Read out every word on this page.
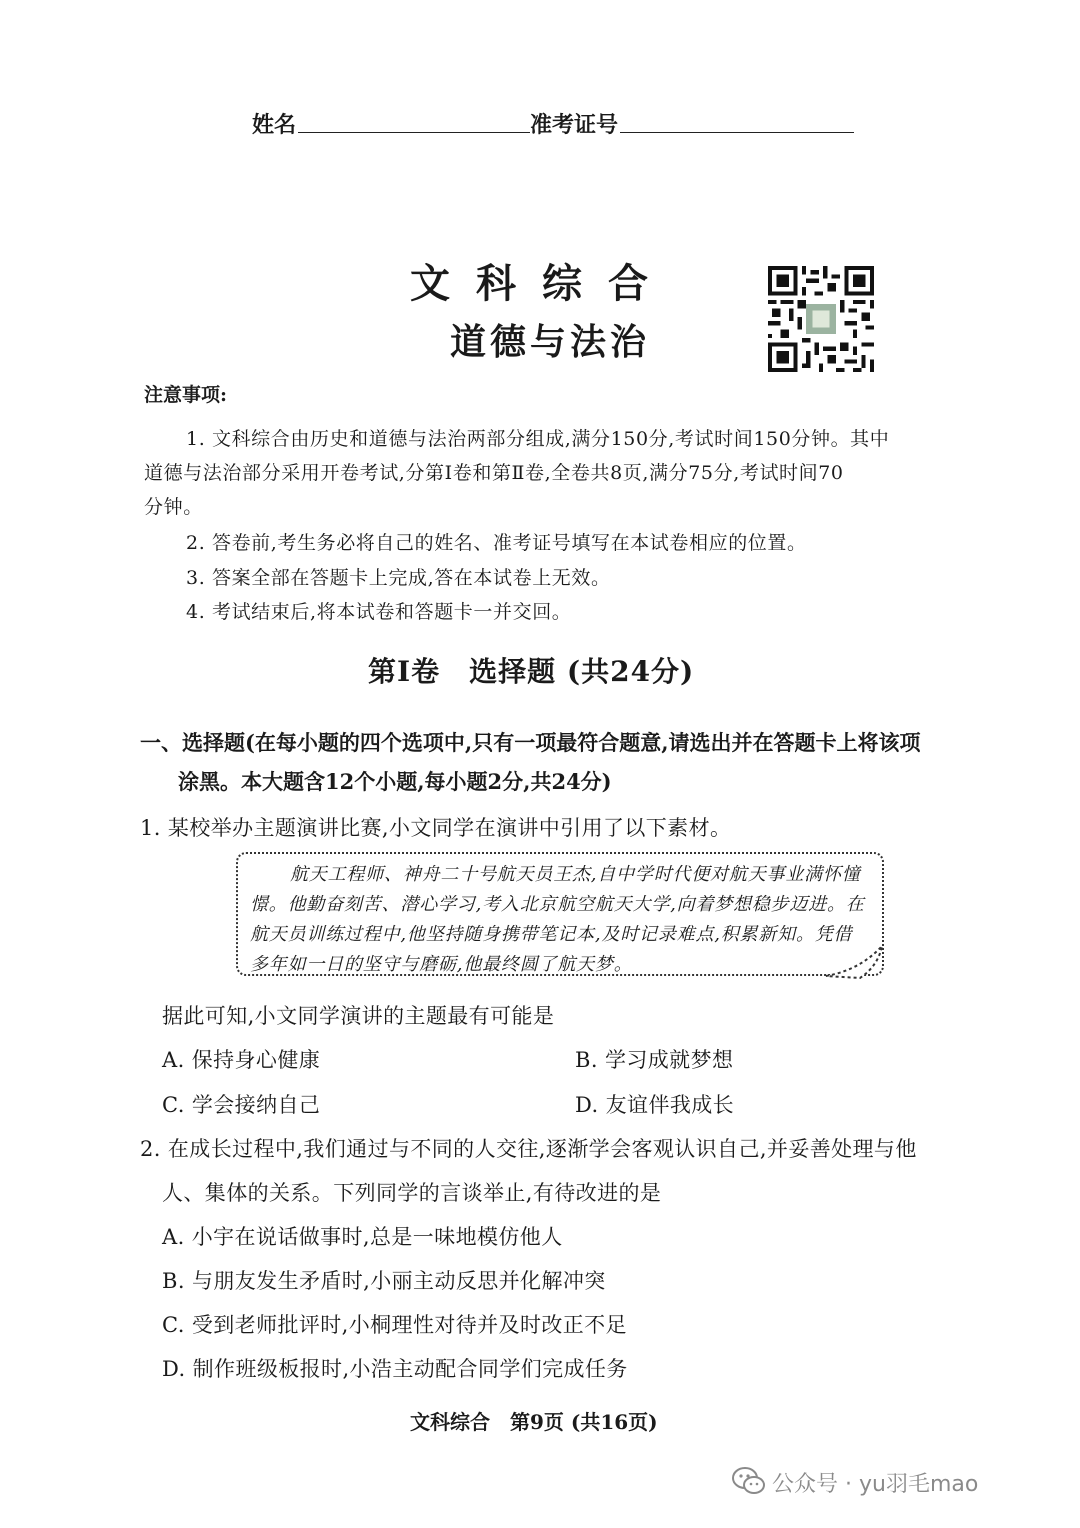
姓名	准考证号
文科综合
道德与法治
注意事项:
1. 文科综合由历史和道德与法治两部分组成,满分150分,考试时间150分钟。其中
道德与法治部分采用开卷考试,分第Ⅰ卷和第Ⅱ卷,全卷共8页,满分75分,考试时间70
分钟。
2. 答卷前,考生务必将自己的姓名、准考证号填写在本试卷相应的位置。
3. 答案全部在答题卡上完成,答在本试卷上无效。
4. 考试结束后,将本试卷和答题卡一并交回。
第Ⅰ卷　选择题 (共24分)
一、选择题(在每小题的四个选项中,只有一项最符合题意,请选出并在答题卡上将该项
涂黑。本大题含12个小题,每小题2分,共24分)
1. 某校举办主题演讲比赛,小文同学在演讲中引用了以下素材。
航天工程师、神舟二十号航天员王杰,自中学时代便对航天事业满怀憧
憬。他勤奋刻苦、潜心学习,考入北京航空航天大学,向着梦想稳步迈进。在
航天员训练过程中,他坚持随身携带笔记本,及时记录难点,积累新知。凭借
多年如一日的坚守与磨砺,他最终圆了航天梦。
据此可知,小文同学演讲的主题最有可能是
A. 保持身心健康	B. 学习成就梦想
C. 学会接纳自己	D. 友谊伴我成长
2. 在成长过程中,我们通过与不同的人交往,逐渐学会客观认识自己,并妥善处理与他
人、集体的关系。下列同学的言谈举止,有待改进的是
A. 小宇在说话做事时,总是一味地模仿他人
B. 与朋友发生矛盾时,小丽主动反思并化解冲突
C. 受到老师批评时,小桐理性对待并及时改正不足
D. 制作班级板报时,小浩主动配合同学们完成任务
文科综合　第9页 (共16页)
公众号 · yu羽毛mao
